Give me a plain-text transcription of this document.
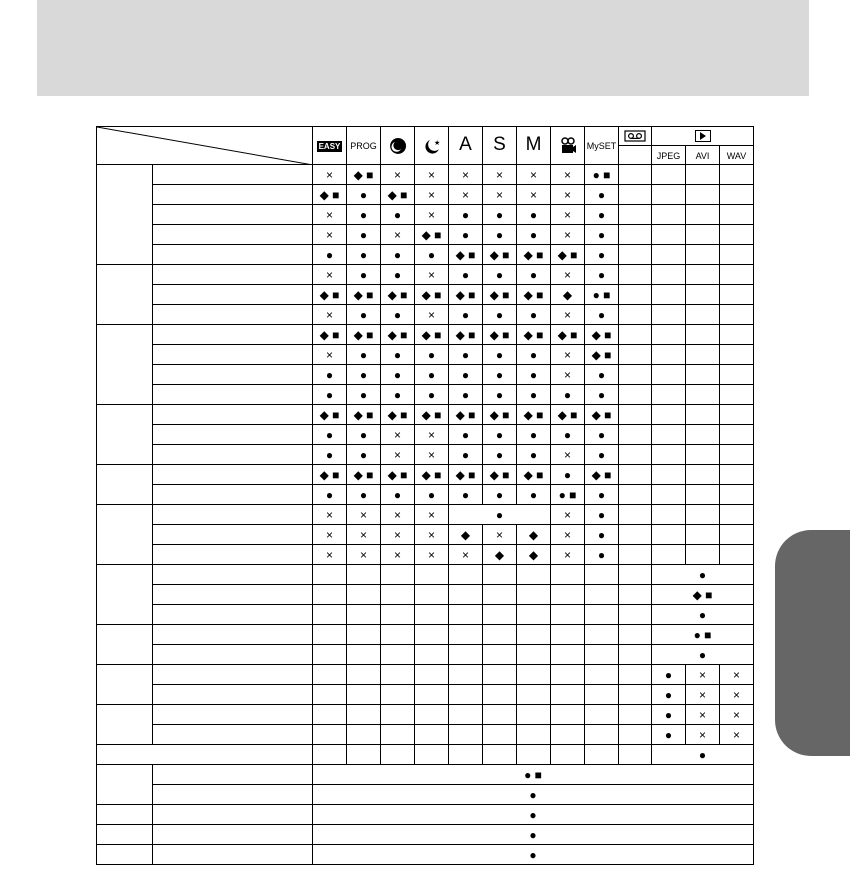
	EASY	PROG		★	A	S	M		MySET		

												JPEG	AVI	WAV
		×	◆ ■	×	×	×	×	×	×	● ■				
		◆ ■	●	◆ ■	×	×	×	×	×	●				
		×	●	●	×	●	●	●	×	●				
		×	●	×	◆ ■	●	●	●	×	●				
		●	●	●	●	◆ ■	◆ ■	◆ ■	◆ ■	●				
		×	●	●	×	●	●	●	×	●				
		◆ ■	◆ ■	◆ ■	◆ ■	◆ ■	◆ ■	◆ ■	◆	● ■				
		×	●	●	×	●	●	●	×	●				
		◆ ■	◆ ■	◆ ■	◆ ■	◆ ■	◆ ■	◆ ■	◆ ■	◆ ■				
		×	●	●	●	●	●	●	×	◆ ■				
		●	●	●	●	●	●	●	×	●				
		●	●	●	●	●	●	●	●	●				
		◆ ■	◆ ■	◆ ■	◆ ■	◆ ■	◆ ■	◆ ■	◆ ■	◆ ■				
		●	●	×	×	●	●	●	●	●				
		●	●	×	×	●	●	●	×	●				
		◆ ■	◆ ■	◆ ■	◆ ■	◆ ■	◆ ■	◆ ■	●	◆ ■				
		●	●	●	●	●	●	●	● ■	●				
		×	×	×	×	●			×	●				
		×	×	×	×	◆	×	◆	×	●				
		×	×	×	×	×	◆	◆	×	●				
												●		
												◆ ■		
												●		
												● ■		
												●		
												●	×	×
												●	×	×
												●	×	×
												●	×	×
												●		
		● ■												
		●												
		●												
		●												
		●												
